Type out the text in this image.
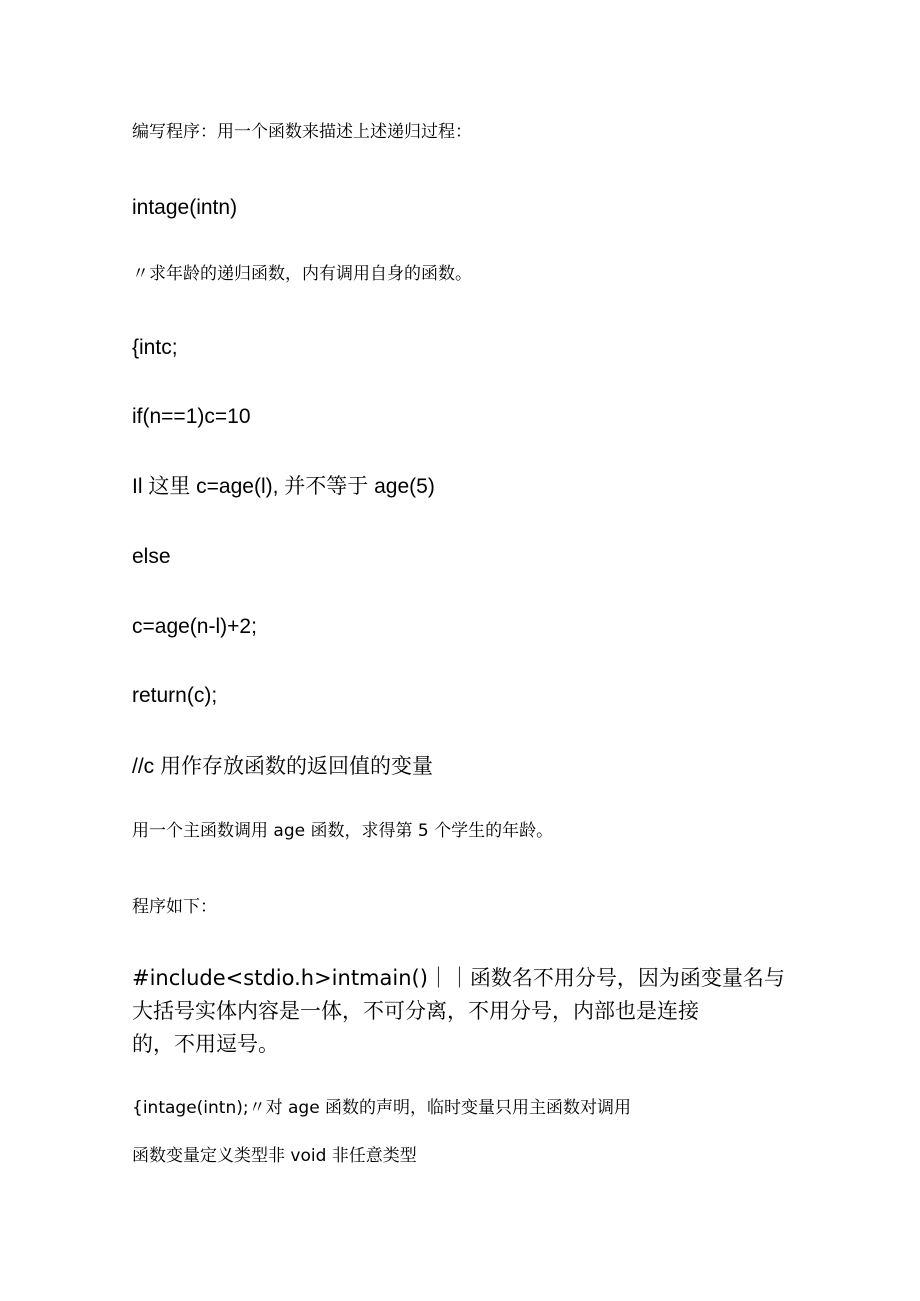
编写程序：用一个函数来描述上述递归过程：
intage(intn)
〃求年龄的递归函数，内有调用自身的函数。
{intc;
if(n==1)c=10
Il 这里 c=age(l), 并不等于 age(5)
else
c=age(n-l)+2;
return(c);
//c 用作存放函数的返回值的变量
用一个主函数调用 age 函数，求得第 5 个学生的年龄。
程序如下：
#include<stdio.h>intmain()｜｜函数名不用分号，因为函变量名与
大括号实体内容是一体，不可分离，不用分号，内部也是连接
的，不用逗号。
{intage(intn);〃对 age 函数的声明，临时变量只用主函数对调用
函数变量定义类型非 void 非任意类型
